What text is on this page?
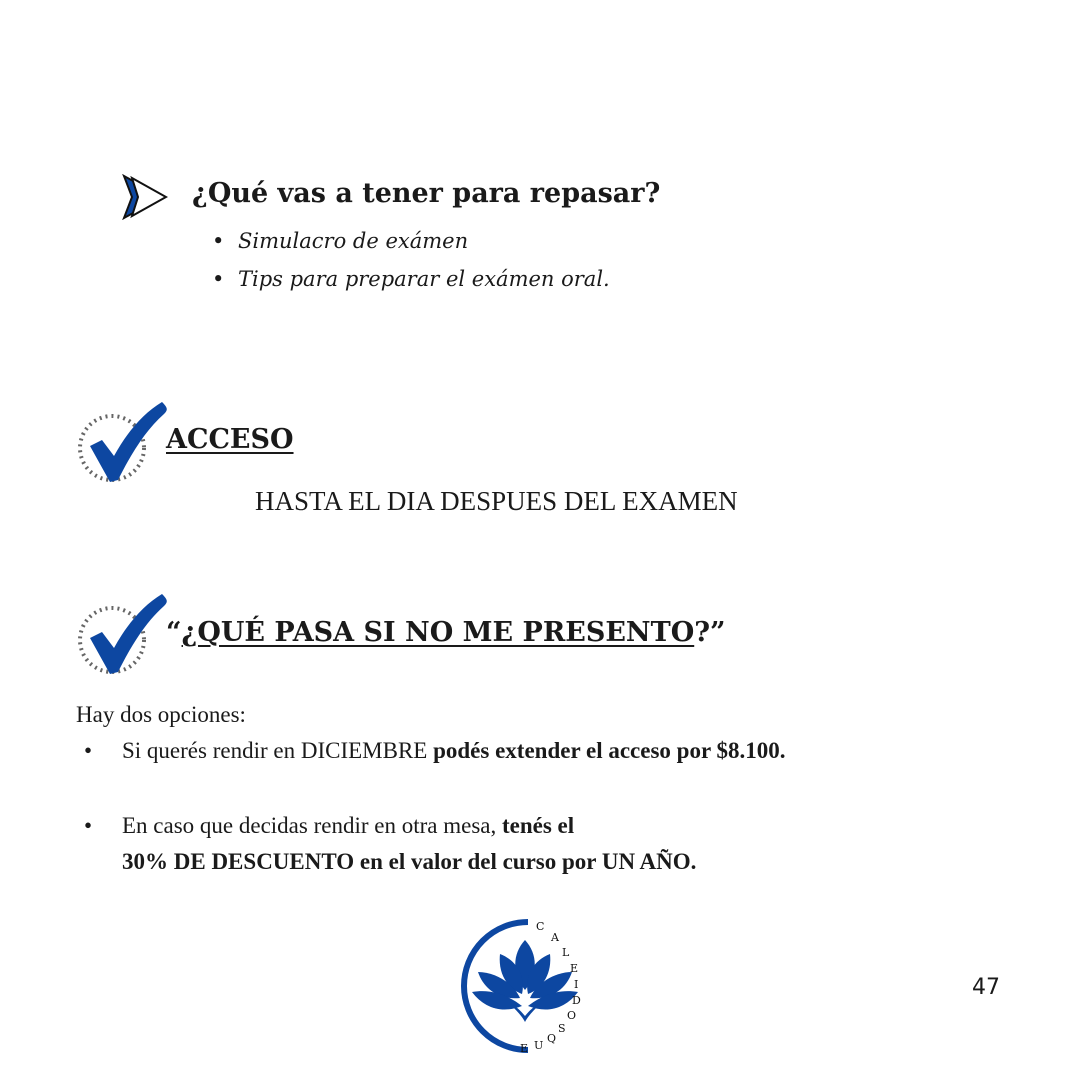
¿Qué vas a tener para repasar?
• Simulacro de exámen
• Tips para preparar el exámen oral.
ACCESO
HASTA EL DIA DESPUES DEL EXAMEN
“¿QUÉ PASA SI NO ME PRESENTO?”
Hay dos opciones:
• Si querés rendir en DICIEMBRE podés extender el acceso por $8.100.
• En caso que decidas rendir en otra mesa, tenés el
30% DE DESCUENTO en el valor del curso por UN AÑO.
C A L E I D O S Q U E
47
